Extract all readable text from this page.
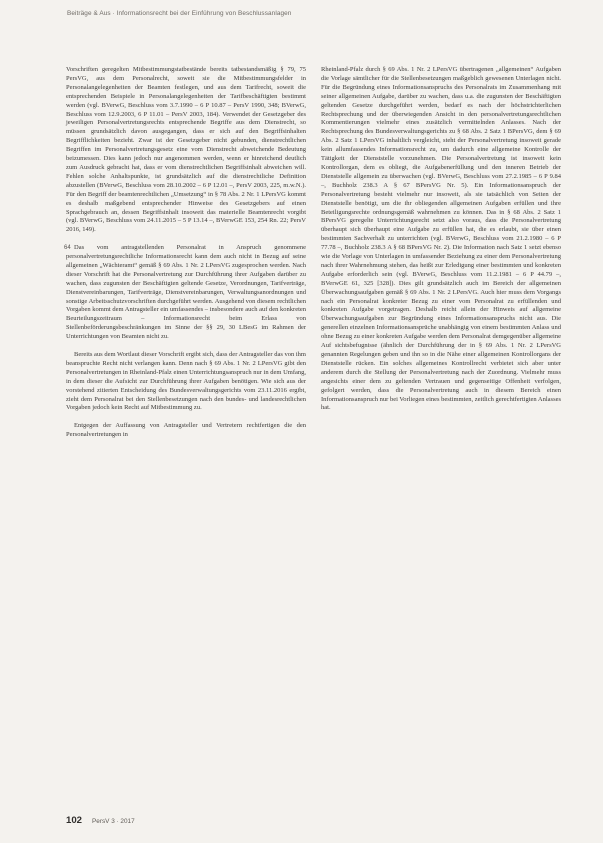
Beiträge & Aus · Informationsrecht bei der Einführung von Beschlussanlagen

Vorschriften geregelten Mitbestimmungstatbestände bereits tatbestandsmäßig § 79, 75 PersVG, aus dem Personalrecht, soweit sie die Mitbestimmungsfelder in Personalangelegenheiten der Beamten festlegen, und aus dem Tarifrecht, soweit die entsprechenden Beispiele in Personalangelegenheiten der Tarifbeschäftigten bestimmt werden (vgl. BVerwG, Beschluss vom 3.7.1990 – 6 P 10.87 – PersV 1990, 348; BVerwG, Beschluss vom 12.9.2003, 6 P 11.01 – PersV 2003, 184). Verwendet der Gesetzgeber des jeweiligen Personalvertretungsrechts entsprechende Begriffe aus dem Dienstrecht, so müssen grundsätzlich davon ausgegangen, dass er sich auf den Begriffsinhalten Begrifflichkeiten bezieht. Zwar ist der Gesetzgeber nicht gebunden, dienstrechtlichen Begriffen im Personalvertretungsgesetz eine vom Dienstrecht abweichende Bedeutung beizumessen. Dies kann jedoch nur angenommen werden, wenn er hinreichend deutlich zum Ausdruck gebracht hat, dass er vom dienstrechtlichen Begriffsinhalt abweichen will. Fehlen solche Anhaltspunkte, ist grundsätzlich auf die dienstrechtliche Definition abzustellen (BVerwG, Beschluss vom 28.10.2002 – 6 P 12.01 –, PersV 2003, 225, m.w.N.). Für den Begriff der beamtenrechtlichen „Umsetzung“ in § 78 Abs. 2 Nr. 1 LPersVG kommt es deshalb maßgebend entsprechender Hinweise des Gesetzgebers auf einen Sprachgebrauch an, dessen Begriffsinhalt insoweit das materielle Beamtenrecht vorgibt (vgl. BVerwG, Beschluss vom 24.11.2015 – 5 P 13.14 –, BVerwGE 153, 254 Rn. 22; PersV 2016, 149).

64 Das vom antragstellenden Personalrat in Anspruch genommene personalvertretungsrechtliche Informationsrecht kann dem auch nicht in Bezug auf seine allgemeinen „Wächteramt“ gemäß § 69 Abs. 1 Nr. 2 LPersVG zugesprochen werden. Nach dieser Vorschrift hat die Personalvertretung zur Durchführung ihrer Aufgaben darüber zu wachen, dass zugunsten der Beschäftigten geltende Gesetze, Verordnungen, Tarifverträge, Dienstvereinbarungen, Tarifverträge, Dienstvereinbarungen, Verwaltungsanordnungen und sonstige Arbeitsschutzvorschriften durchgeführt werden. Ausgehend von diesem rechtlichen Vorgaben kommt dem Antragsteller ein umfassendes – insbesondere auch auf den konkreten Beurteilungszeitraum – Informationsrecht beim Erlass von Stellenbeförderungsbeschränkungen im Sinne der §§ 29, 30 LBesG im Rahmen der Unterrichtungen von Beamten nicht zu.

Bereits aus dem Wortlaut dieser Vorschrift ergibt sich, dass der Antragsteller das von ihm beanspruchte Recht nicht verlangen kann. Denn nach § 69 Abs. 1 Nr. 2 LPersVG gibt den Personalvertretungen in Rheinland-Pfalz einen Unterrichtungsanspruch nur in dem Umfang, in dem dieser die Aufsicht zur Durchführung ihrer Aufgaben benötigen. Wie sich aus der vorstehend zitierten Entscheidung des Bundesverwaltungsgerichts vom 23.11.2016 ergibt, zieht dem Personalrat bei den Stellenbesetzungen nach den bundes- und landesrechtlichen Vorgaben jedoch kein Recht auf Mitbestimmung zu.

Entgegen der Auffassung von Antragsteller und Vertretern rechtfertigen die den Personalvertretungen in

Rheinland-Pfalz durch § 69 Abs. 1 Nr. 2 LPersVG übertragenen „allgemeinen“ Aufgaben die Vorlage sämtlicher für die Stellenbesetzungen maßgeblich gewesenen Unterlagen nicht. Für die Begründung eines Informationsanspruchs des Personalrats im Zusammenhang mit seiner allgemeinen Aufgabe, darüber zu wachen, dass u.a. die zugunsten der Beschäftigten geltenden Gesetze durchgeführt werden, bedarf es nach der höchstrichterlichen Rechtsprechung und der überwiegenden Ansicht in den personalvertretungsrechtlichen Kommentierungen vielmehr eines zusätzlich vermittelnden Anlasses. Nach der Rechtsprechung des Bundesverwaltungsgerichts zu § 68 Abs. 2 Satz 1 BPersVG, dem § 69 Abs. 2 Satz 1 LPersVG inhaltlich vergleicht, steht der Personalvertretung insoweit gerade kein allumfassendes Informationsrecht zu, um dadurch eine allgemeine Kontrolle der Tätigkeit der Dienststelle vorzunehmen. Die Personalvertretung ist insoweit kein Kontrollorgan, dem es obliegt, die Aufgabenerfüllung und den inneren Betrieb der Dienststelle allgemein zu überwachen (vgl. BVerwG, Beschluss vom 27.2.1985 – 6 P 9.84 –, Buchholz 238.3 A § 67 BPersVG Nr. 5). Ein Informationsanspruch der Personalvertretung besteht vielmehr nur insoweit, als sie tatsächlich von Seiten der Dienststelle benötigt, um die ihr obliegenden allgemeinen Aufgaben erfüllen und ihre Beteiligungsrechte ordnungsgemäß wahrnehmen zu können. Das in § 68 Abs. 2 Satz 1 BPersVG geregelte Unterrichtungsrecht setzt also voraus, dass die Personalvertretung überhaupt sich überhaupt eine Aufgabe zu erfüllen hat, die es erlaubt, sie über einen bestimmten Sachverhalt zu unterrichten (vgl. BVerwG, Beschluss vom 21.2.1980 – 6 P 77.78 –, Buchholz 238.3 A § 68 BPersVG Nr. 2). Die Information nach Satz 1 setzt ebenso wie die Vorlage von Unterlagen in umfassender Beziehung zu einer dem Personalvertretung nach ihrer Wahrnehmung stehen, das heißt zur Erledigung einer bestimmten und konkreten Aufgabe erforderlich sein (vgl. BVerwG, Beschluss vom 11.2.1981 – 6 P 44.79 –, BVerwGE 61, 325 [328]). Dies gilt grundsätzlich auch im Bereich der allgemeinen Überwachungsaufgaben gemäß § 69 Abs. 1 Nr. 2 LPersVG. Auch hier muss dem Vorgangs nach ein Personalrat konkreter Bezug zu einer vom Personalrat zu erfüllenden und konkreten Aufgabe vorgetragen. Deshalb reicht allein der Hinweis auf allgemeine Überwachungsaufgaben zur Begründung eines Informationsanspruchs nicht aus. Die generellen einzelnen Informationsansprüche unabhängig von einem bestimmten Anlass und ohne Bezug zu einer konkreten Aufgabe werden dem Personalrat demgegenüber allgemeine Auf sichtsbefugnisse (ähnlich der Durchführung der in § 69 Abs. 1 Nr. 2 LPersVG genannten Regelungen geben und ihn so in die Nähe einer allgemeinen Kontrollorgans der Dienststelle rücken. Ein solches allgemeines Kontrollrecht verbietet sich aber unter anderem durch die Stellung der Personalvertretung nach der Zuordnung. Vielmehr muss angesichts einer dem zu geltenden Vertrauen und gegenseitige Offenheit verfolgen, gefolgert werden, dass die Personalvertretung auch in diesem Bereich einen Informationsanspruch nur bei Vorliegen eines bestimmten, zeitlich gerechtfertigten Anlasses hat.

102 PersV 3 · 2017
